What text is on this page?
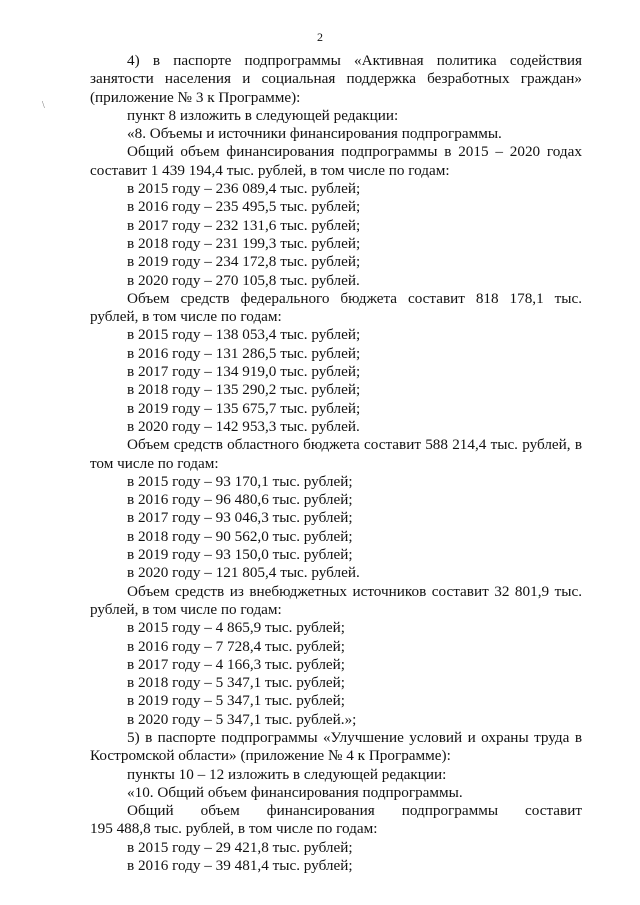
2
\

4) в паспорте подпрограммы «Активная политика содействия

занятости населения и социальная поддержка безработных граждан»

(приложение № 3 к Программе):

пункт 8 изложить в следующей редакции:

«8. Объемы и источники финансирования подпрограммы.

Общий объем финансирования подпрограммы в 2015 – 2020 годах

составит 1 439 194,4 тыс. рублей, в том числе по годам:

в 2015 году – 236 089,4 тыс. рублей;

в 2016 году – 235 495,5 тыс. рублей;

в 2017 году – 232 131,6 тыс. рублей;

в 2018 году – 231 199,3 тыс. рублей;

в 2019 году – 234 172,8 тыс. рублей;

в 2020 году – 270 105,8 тыс. рублей.

Объем средств федерального бюджета составит 818 178,1 тыс.

рублей, в том числе по годам:

в 2015 году – 138 053,4 тыс. рублей;

в 2016 году – 131 286,5 тыс. рублей;

в 2017 году – 134 919,0 тыс. рублей;

в 2018 году – 135 290,2 тыс. рублей;

в 2019 году – 135 675,7 тыс. рублей;

в 2020 году – 142 953,3 тыс. рублей.

Объем средств областного бюджета составит 588 214,4 тыс. рублей, в

том числе по годам:

в 2015 году – 93 170,1 тыс. рублей;

в 2016 году – 96 480,6 тыс. рублей;

в 2017 году – 93 046,3 тыс. рублей;

в 2018 году – 90 562,0 тыс. рублей;

в 2019 году – 93 150,0 тыс. рублей;

в 2020 году – 121 805,4 тыс. рублей.

Объем средств из внебюджетных источников составит 32 801,9 тыс.

рублей, в том числе по годам:

в 2015 году – 4 865,9 тыс. рублей;

в 2016 году – 7 728,4 тыс. рублей;

в 2017 году – 4 166,3 тыс. рублей;

в 2018 году – 5 347,1 тыс. рублей;

в 2019 году – 5 347,1 тыс. рублей;

в 2020 году – 5 347,1 тыс. рублей.»;

5) в паспорте подпрограммы «Улучшение условий и охраны труда в

Костромской области» (приложение № 4 к Программе):

пункты 10 – 12 изложить в следующей редакции:

«10. Общий объем финансирования подпрограммы.

Общий объем финансирования подпрограммы составит

195 488,8 тыс. рублей, в том числе по годам:

в 2015 году – 29 421,8 тыс. рублей;

в 2016 году – 39 481,4 тыс. рублей;
